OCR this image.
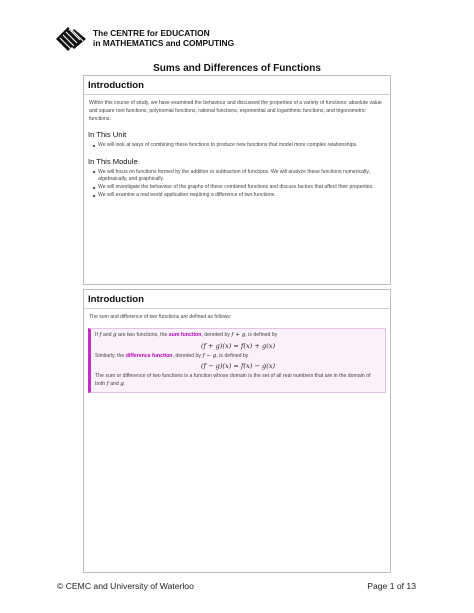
The CENTRE for EDUCATION
in MATHEMATICS and COMPUTING
Sums and Differences of Functions
Introduction
Within this course of study, we have examined the behaviour and discussed the properties of a variety of functions: absolute value and square root functions, polynomial functions, rational functions, exponential and logarithmic functions, and trigonometric functions.
In This Unit
We will look at ways of combining these functions to produce new functions that model more complex relationships.
In This Module
We will focus on functions formed by the addition or subtraction of functions. We will analyze these functions numerically, algebraically, and graphically.
We will investigate the behaviour of the graphs of these combined functions and discuss factors that affect their properties.
We will examine a real world application requiring a difference of two functions.
Introduction
The sum and difference of two functions are defined as follows:
If f and g are two functions, the sum function, denoted by f + g, is defined by
(f + g)(x) = f(x) + g(x)
Similarly, the difference function, denoted by f − g, is defined by
(f − g)(x) = f(x) − g(x)
The sum or difference of two functions is a function whose domain is the set of all real numbers that are in the domain of both f and g.
© CEMC and University of Waterloo	Page 1 of 13
